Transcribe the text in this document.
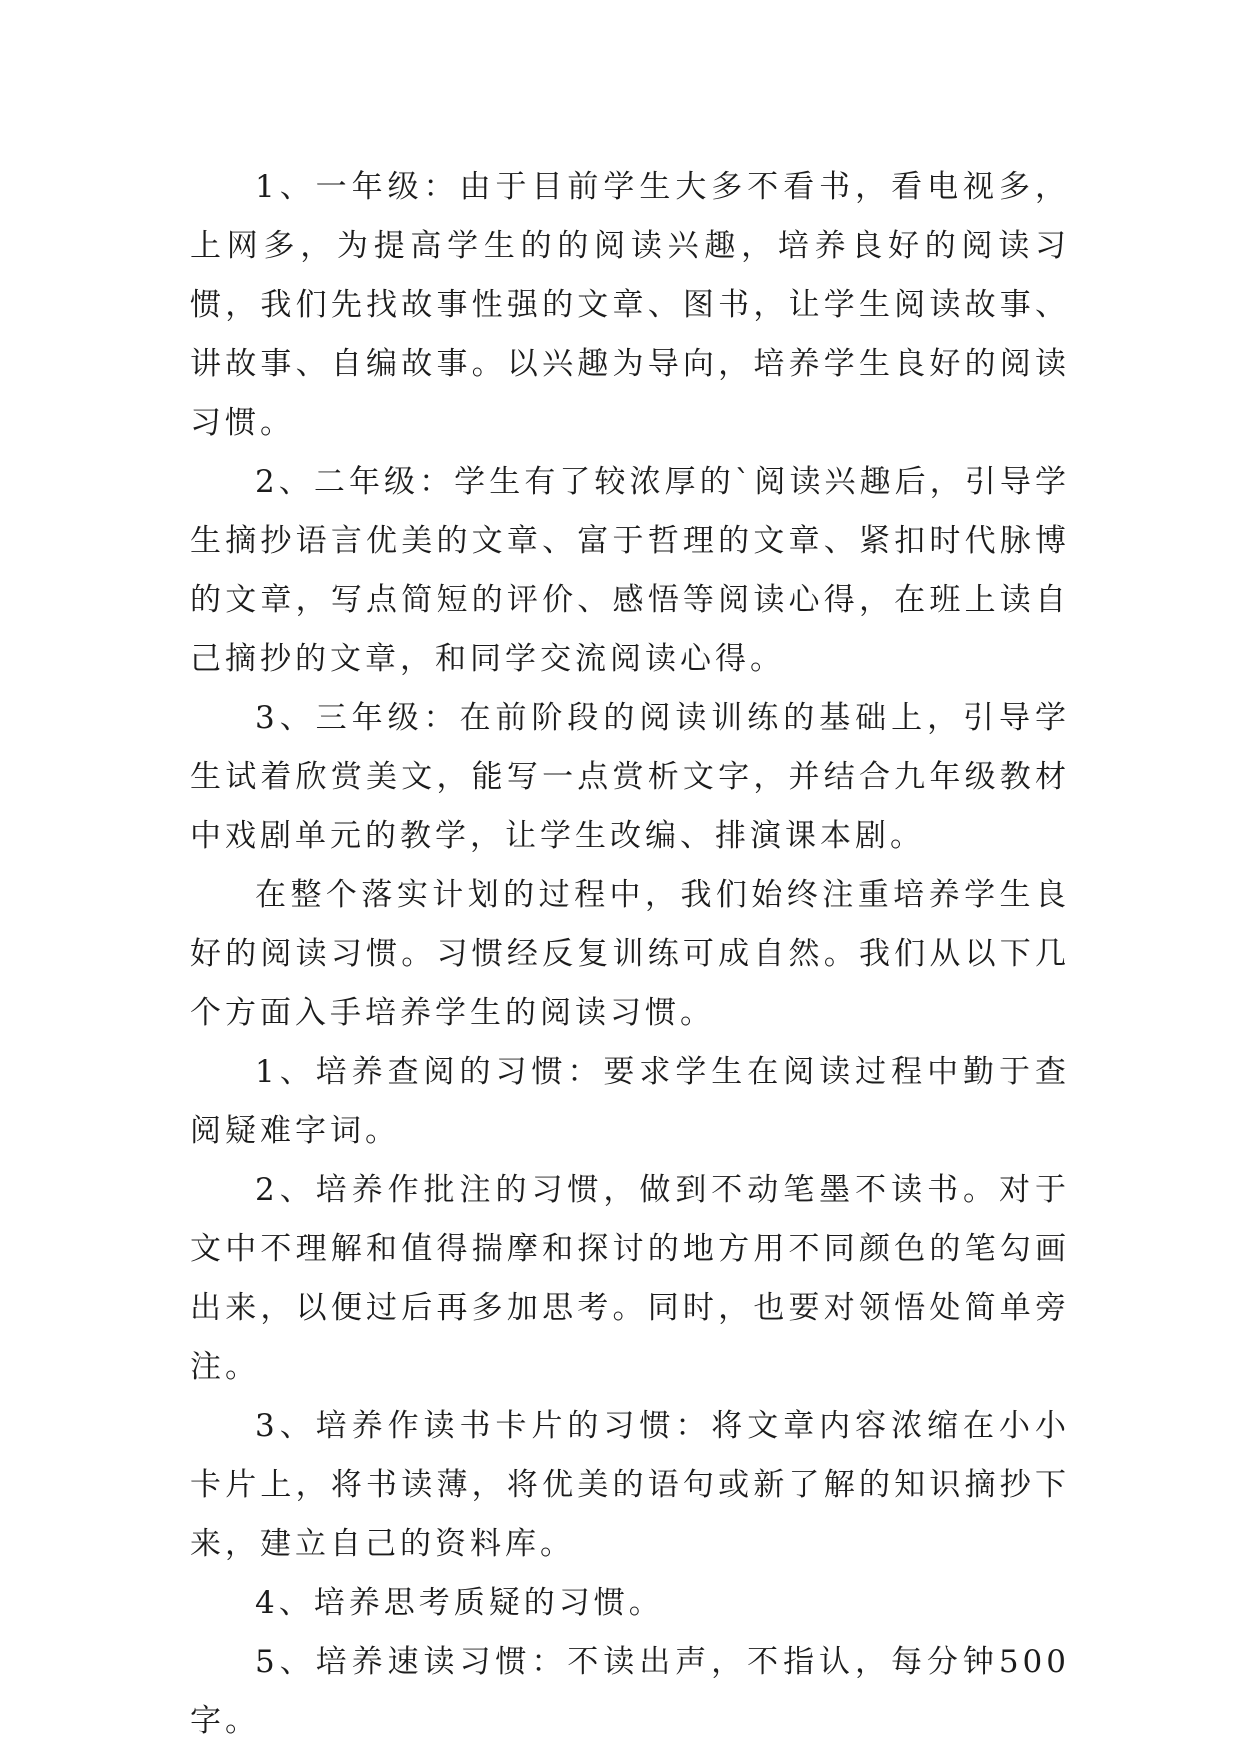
1、一年级：由于目前学生大多不看书，看电视多，上网多，为提高学生的的阅读兴趣，培养良好的阅读习惯，我们先找故事性强的文章、图书，让学生阅读故事、讲故事、自编故事。以兴趣为导向，培养学生良好的阅读习惯。

2、二年级：学生有了较浓厚的`阅读兴趣后，引导学生摘抄语言优美的文章、富于哲理的文章、紧扣时代脉博的文章，写点简短的评价、感悟等阅读心得，在班上读自己摘抄的文章，和同学交流阅读心得。

3、三年级：在前阶段的阅读训练的基础上，引导学生试着欣赏美文，能写一点赏析文字，并结合九年级教材中戏剧单元的教学，让学生改编、排演课本剧。

在整个落实计划的过程中，我们始终注重培养学生良好的阅读习惯。习惯经反复训练可成自然。我们从以下几个方面入手培养学生的阅读习惯。

1、培养查阅的习惯：要求学生在阅读过程中勤于查阅疑难字词。

2、培养作批注的习惯，做到不动笔墨不读书。对于文中不理解和值得揣摩和探讨的地方用不同颜色的笔勾画出来，以便过后再多加思考。同时，也要对领悟处简单旁注。

3、培养作读书卡片的习惯：将文章内容浓缩在小小卡片上，将书读薄，将优美的语句或新了解的知识摘抄下来，建立自己的资料库。

4、培养思考质疑的习惯。

5、培养速读习惯：不读出声，不指认，每分钟500字。
